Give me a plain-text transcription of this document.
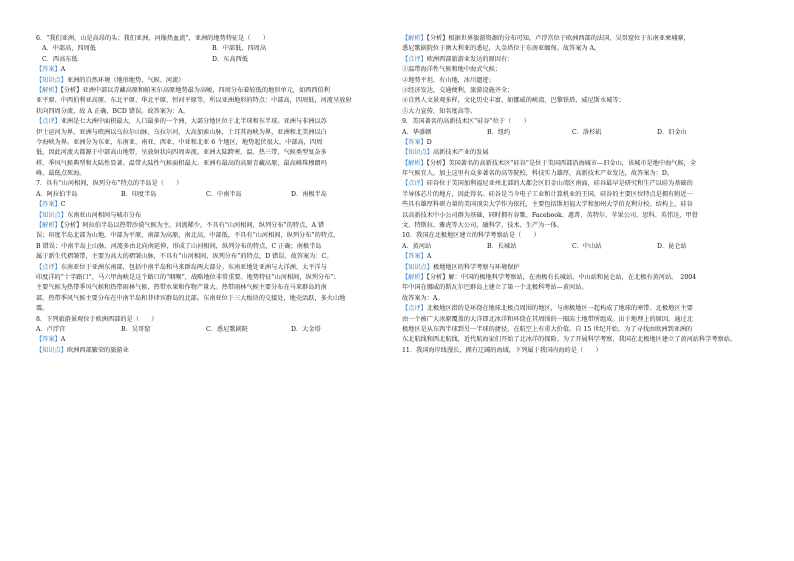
6．“我们亚洲，山是高昂的头；我们亚洲，河像热血流”，亚洲的地势特征是（　　）
A．中部高，四周低	B．中部低，四周高
C．西高东低	D．东高西低
【答案】A
【知识点】亚洲的自然环境（地形地势、气候、河流）
【解析】【分析】亚洲中部以青藏高原和帕米尔高原地势最为高峻，四周分布着较低的地形单元，如西西伯利
亚平原、中西伯利亚高原、东北平原、华北平原、恒河平原等，所以亚洲地形的特点：中部高，四周低，河流呈放射
状向四周分流，故 A 正确，BCD 错误。故答案为：A。
【点评】亚洲是七大洲中面积最大，人口最多的一个洲，大部分地区位于北半球和东半球。亚洲与非洲以苏
伊士运河为界，亚洲与欧洲以乌拉尔山脉、乌拉尔河，大高加索山脉，土耳其海峡为界，亚洲和北美洲以白
令海峡为界。亚洲分为东亚、东南亚、南亚、西亚、中亚和北亚 6 个地区，地势起伏很大，中部高，四周
低，因此河流大都源于中部高山地带，呈放射状向四周奔流。亚洲大陆跨寒、温、热三带，气候类型复杂多
样，季风气候典型和大陆性显著。温带大陆性气候面积最大。亚洲有最高的高原青藏高原，最高峰珠穆朗玛
峰，最低点死海。
7．具有“山河相间，纵列分布”特点的半岛是（　　）
A．阿拉伯半岛	B．印度半岛	C．中南半岛	D．南极半岛
【答案】C
【知识点】东南亚山河相间与城市分布
【解析】【分析】阿拉伯半岛以热带沙漠气候为主，河流稀少，不具有“山河相间，纵列分布”的特点，A 错
误；印度半岛北部为山地，中部为平原，南部为高原，南北高，中部低，不具有“山河相间，纵列分布”的特点，
B 错误；中南半岛上山脉、河流多由北向南延伸，形成了山河相间，纵列分布的特点，C 正确；南极半岛
属于新生代褶皱带，主要为高大的褶皱山脉，不具有“山河相间，纵列分布”的特点，D 错误。故答案为：C。
【点评】东南亚位于亚洲东南部，包括中南半岛和马来群岛两大部分。东南亚地处亚洲与大洋洲、太平洋与
印度洋的“十字路口”，马六甲海峡是这个路口的“咽喉”，战略地位非常重要。地势特征“山河相间，纵列分布”；
主要气候为热带季风气候和热带雨林气候，热带水果和作物产量大。热带雨林气候主要分布在马来群岛的南
部，热带季风气候主要分布在中南半岛和菲律宾群岛的北部。东南亚位于三大板块的交接处，地壳活跃，多火山地
震。
8．下列旅游景观位于欧洲西部的是（　　）
A．卢浮宫	B．吴哥窟	C．悉尼歌剧院	D．大金塔
【答案】A
【知识点】欧洲西部繁荣的旅游业
【解析】【分析】根据世界旅游资源的分布可知，卢浮宫位于欧洲西部的法国，吴哥窟位于东南亚柬埔寨，
悉尼歌剧院位于澳大利亚的悉尼，大金塔位于东南亚缅甸。故答案为 A。
【点评】欧洲西部旅游业发达的原因有：
①温带海洋性气候和地中海式气候；
②地势平坦，有山地，冰川遗迹；
③经济发达，交通便利，旅游设施齐全；
④自然人文景观多样，文化历史丰富，如挪威的峡湾、巴黎铁塔、威尼斯水城等；
⑤大力宣传，知名度高等。
9．美国著名的高新技术区“硅谷”位于（　　）
A．华盛顿	B．纽约	C．洛杉矶	D．旧金山
【答案】D
【知识点】高新技术产业的发展
【解析】【分析】美国著名的高新技术区“硅谷”是位于美国西部沿海城市—旧金山，该城市是地中海气候，全
年气候宜人，加上这里有众多著名的高等院校，科技实力雄厚，高新技术产业发达，故答案为：D。
【点评】硅谷位于美国加利福尼亚州北部的大都会区旧金山湾区南面，硅谷最早是研究和生产以硅为基础的
半导体芯片的地方，因此得名。硅谷是当今电子工业和计算机业的王国，硅谷的主要区位特点是拥有附近一
些具有雄厚科研力量的美国顶尖大学作为依托，主要包括斯坦福大学和加州大学伯克利分校。结构上，硅谷
以高新技术中小公司群为基础，同时拥有谷歌、Facebook、惠普、英特尔、苹果公司、思科、英伟达、甲骨
文、特斯拉、雅虎等大公司，融科学、技术、生产为一体。
10．我国在北极地区建立的科学考察站是（　　）
A．黄河站	B．长城站	C．中山站	D．昆仑站
【答案】A
【知识点】极地地区的科学考察与环境保护
【解析】【分析】解：中国的极地科学考察站，在南极有长城站、中山站和昆仑站，在北极有黄河站。　2004
年中国在挪威的斯瓦尔巴群岛上建立了第一个北极科考站—黄河站。
故答案为：A。
【点评】北极地区指的是环绕在地球北极点周围的地区，与南极地区一起构成了地球的寒带。北极地区主要
由一个被广大冰原覆盖的大洋即北冰洋和环绕在其周围的一圈冻土地带所组成。出于地理上的原因，通过北
极地区是从东西半球到另一半球的捷径，在航空上有重大价值。自 15 世纪开始，为了寻找由欧洲到亚洲的
东北航线和西北航线，近代航海家们开始了北冰洋的探险。为了开展科学考察，我国在北极地区建立了黄河站科学考察站。
11．我国海岸线漫长，拥有辽阔的海域，下列属于我国内海的是（　　）
